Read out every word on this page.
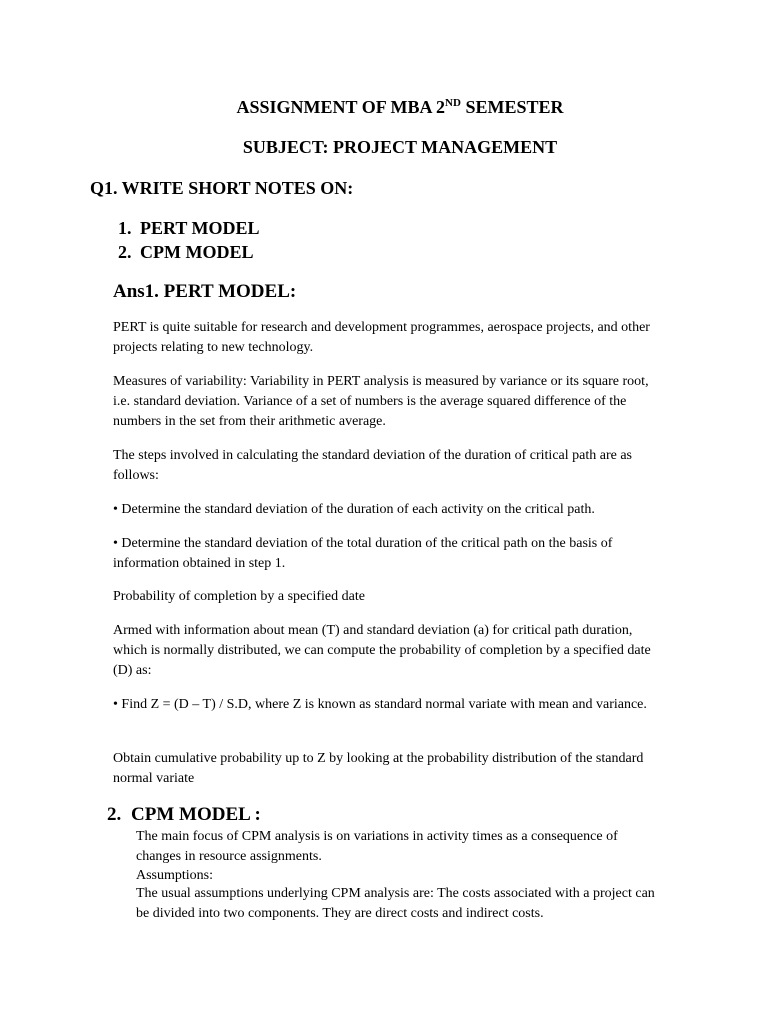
ASSIGNMENT OF MBA 2ND SEMESTER
SUBJECT: PROJECT MANAGEMENT
Q1. WRITE SHORT NOTES ON:
1. PERT MODEL
2. CPM MODEL
Ans1. PERT MODEL:

PERT is quite suitable for research and development programmes, aerospace projects, and other projects relating to new technology.

Measures of variability: Variability in PERT analysis is measured by variance or its square root, i.e. standard deviation. Variance of a set of numbers is the average squared difference of the numbers in the set from their arithmetic average.

The steps involved in calculating the standard deviation of the duration of critical path are as follows:

• Determine the standard deviation of the duration of each activity on the critical path.

• Determine the standard deviation of the total duration of the critical path on the basis of information obtained in step 1.

Probability of completion by a specified date

Armed with information about mean (T) and standard deviation (a) for critical path duration, which is normally distributed, we can compute the probability of completion by a specified date (D) as:

• Find Z = (D – T) / S.D, where Z is known as standard normal variate with mean and variance.

Obtain cumulative probability up to Z by looking at the probability distribution of the standard normal variate

2. CPM MODEL :

The main focus of CPM analysis is on variations in activity times as a consequence of changes in resource assignments.

Assumptions:

The usual assumptions underlying CPM analysis are: The costs associated with a project can be divided into two components. They are direct costs and indirect costs.
